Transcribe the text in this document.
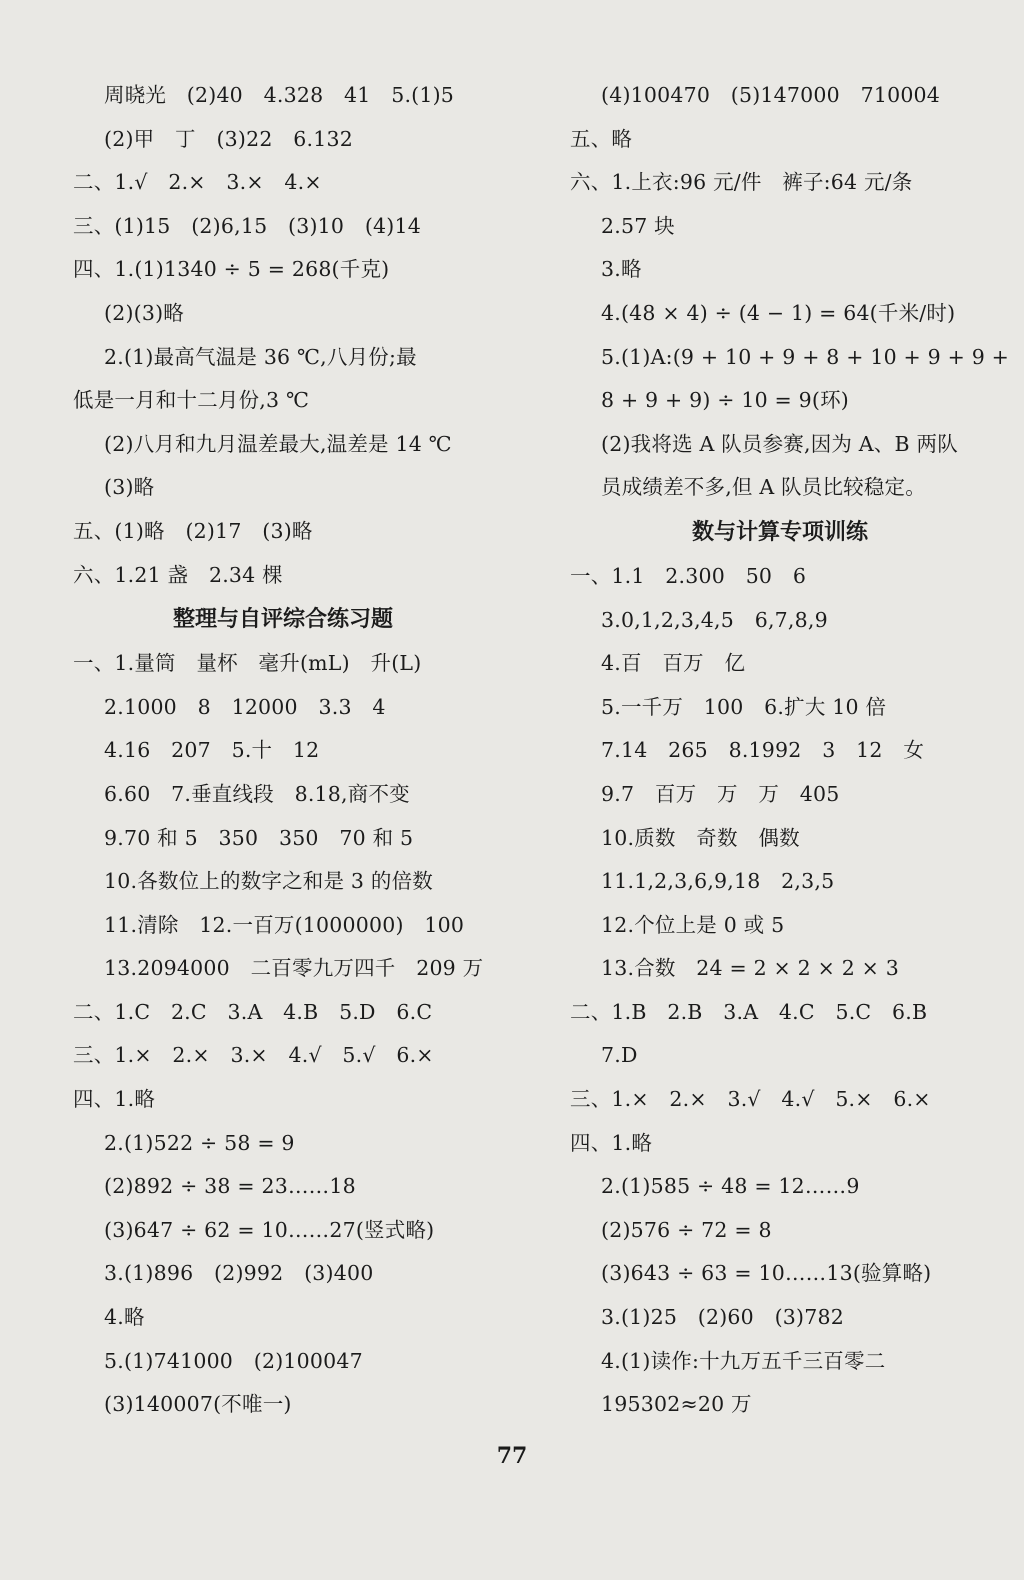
周晓光　(2)40　4.328　41　5.(1)5
(2)甲　丁　(3)22　6.132
二、1.√　2.×　3.×　4.×
三、(1)15　(2)6,15　(3)10　(4)14
四、1.(1)1340 ÷ 5 = 268(千克)
(2)(3)略
2.(1)最高气温是 36 ℃,八月份;最
低是一月和十二月份,3 ℃
(2)八月和九月温差最大,温差是 14 ℃
(3)略
五、(1)略　(2)17　(3)略
六、1.21 盏　2.34 棵
整理与自评综合练习题
一、1.量筒　量杯　毫升(mL)　升(L)
2.1000　8　12000　3.3　4
4.16　207　5.十　12
6.60　7.垂直线段　8.18,商不变
9.70 和 5　350　350　70 和 5
10.各数位上的数字之和是 3 的倍数
11.清除　12.一百万(1000000)　100
13.2094000　二百零九万四千　209 万
二、1.C　2.C　3.A　4.B　5.D　6.C
三、1.×　2.×　3.×　4.√　5.√　6.×
四、1.略
2.(1)522 ÷ 58 = 9
(2)892 ÷ 38 = 23……18
(3)647 ÷ 62 = 10……27(竖式略)
3.(1)896　(2)992　(3)400
4.略
5.(1)741000　(2)100047
(3)140007(不唯一)
(4)100470　(5)147000　710004
五、略
六、1.上衣:96 元/件　裤子:64 元/条
2.57 块
3.略
4.(48 × 4) ÷ (4 − 1) = 64(千米/时)
5.(1)A:(9 + 10 + 9 + 8 + 10 + 9 + 9 +
8 + 9 + 9) ÷ 10 = 9(环)
(2)我将选 A 队员参赛,因为 A、B 两队
员成绩差不多,但 A 队员比较稳定。
数与计算专项训练
一、1.1　2.300　50　6
3.0,1,2,3,4,5　6,7,8,9
4.百　百万　亿
5.一千万　100　6.扩大 10 倍
7.14　265　8.1992　3　12　女
9.7　百万　万　万　405
10.质数　奇数　偶数
11.1,2,3,6,9,18　2,3,5
12.个位上是 0 或 5
13.合数　24 = 2 × 2 × 2 × 3
二、1.B　2.B　3.A　4.C　5.C　6.B
7.D
三、1.×　2.×　3.√　4.√　5.×　6.×
四、1.略
2.(1)585 ÷ 48 = 12……9
(2)576 ÷ 72 = 8
(3)643 ÷ 63 = 10……13(验算略)
3.(1)25　(2)60　(3)782
4.(1)读作:十九万五千三百零二
195302≈20 万
77
